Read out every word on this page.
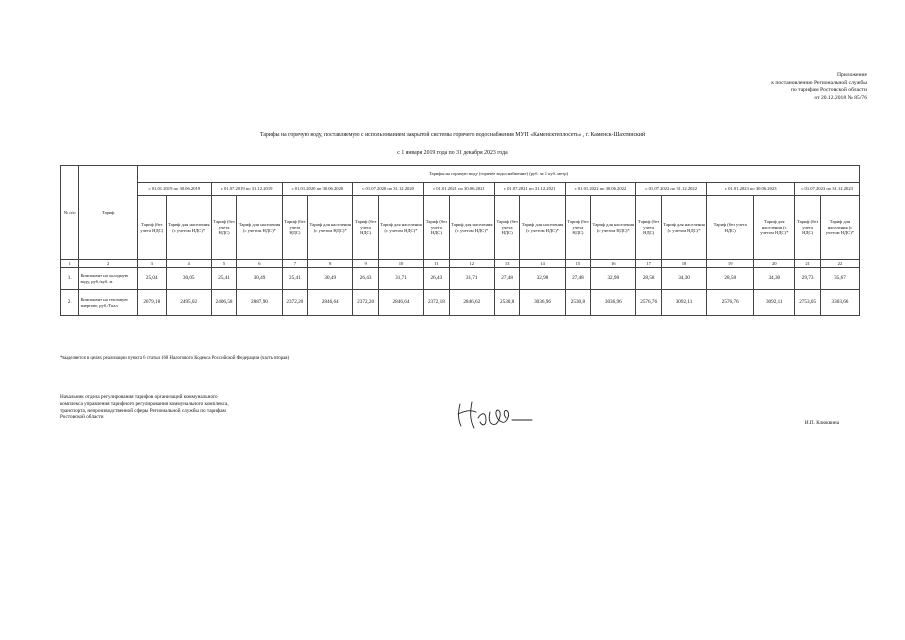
Приложение
к постановлению Региональной службы
по тарифам Ростовской области
от 20.12.2018 № 85/76
Тарифы на горячую воду, поставляемую с использованием закрытой системы горячего водоснабжения МУП «Каменсктеплосеть» , г. Каменск-Шахтинский
с 1 января 2019 года по 31 декабря 2023 года
№ п/п	Тариф	Тарифы на горячую воду (горячее водоснабжение) (руб. за 1 куб. метр)																			
		с 01.01.2019 по 30.06.2019		с 01.07.2019 по 31.12.2019		с 01.01.2020 по 30.06.2020		с 01.07.2020 по 31.12.2020		с 01.01.2021 по 30.06.2021		с 01.07.2021 по 31.12.2021		с 01.01.2022 по 30.06.2022		с 01.07.2022 по 31.12.2022		с 01.01.2023 по 30.06.2023		с 01.07.2023 по 31.12.2023	
		Тариф (без учета НДС)	Тариф для населения (с учетом НДС)*	Тариф (без учета НДС)	Тариф для населения (с учетом НДС)*	Тариф (без учета НДС)	Тариф для населения (с учетом НДС)*	Тариф (без учета НДС)	Тариф для населения (с учетом НДС)*	Тариф (без учета НДС)	Тариф для населения (с учетом НДС)*	Тариф (без учета НДС)	Тариф для населения (с учетом НДС)*	Тариф (без учета НДС)	Тариф для населения (с учетом НДС)*	Тариф (без учета НДС)	Тариф для населения (с учетом НДС)*	Тариф (без учета НДС)	Тариф для населения (с учетом НДС)*	Тариф (без учета НДС)	Тариф для населения (с учетом НДС)*
1	2	3	4	5	6	7	8	9	10	11	12	13	14	15	16	17	18	19	20	21	22
1.	Компонент на холодную воду, руб./куб. м	25,04	30,05	25,41	30,49	25,41	30,49	26,43	31,71	26,43	31,71	27,48	32,98	27,48	32,98	28,58	34,30	28,58	34,30	29,73	35,67
2.	Компонент на тепловую энергию, руб./Гкал	2079,18	2495,02	2406,58	2887,90	2372,20	2846,64	2372,20	2846,64	2372,18	2846,62	2530,8	3036,96	2530,8	3036,96	2576,76	3092,11	2576,76	3092,11	2753,05	3303,66
*выделяется в целях реализации пункта 6 статьи 168 Налогового Кодекса Российской Федерации (часть вторая)
Начальник отдела регулирования тарифов организаций коммунального
комплекса управления тарифного регулирования коммунального комплекса,
транспорта, непроизводственной сферы Региональной службы по тарифам
Ростовской области
И.П. Клюквина
